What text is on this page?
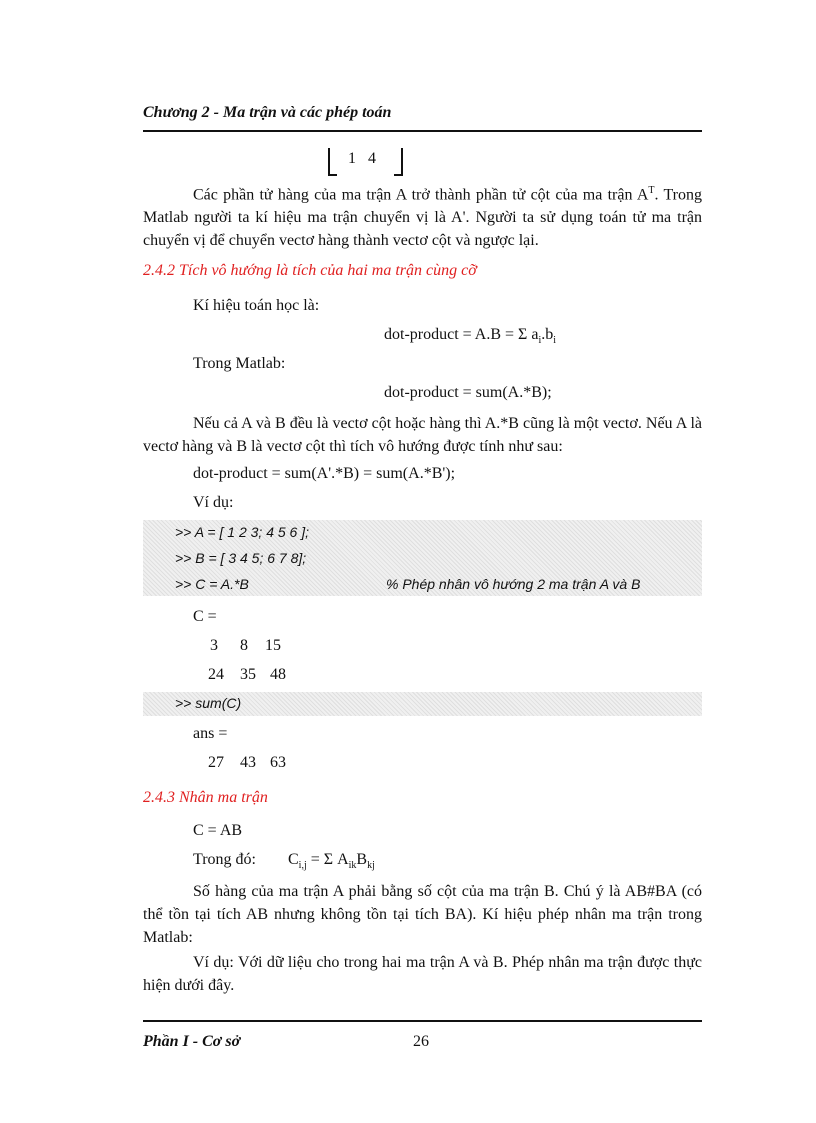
Chương 2 - Ma trận và các phép toán
1 4
Các phần tử hàng của ma trận A trở thành phần tử cột của ma trận $A^T$. Trong Matlab người ta kí hiệu ma trận chuyển vị là A'. Người ta sử dụng toán tử ma trận chuyển vị để chuyển vectơ hàng thành vectơ cột và ngược lại.
2.4.2 Tích vô hướng là tích của hai ma trận cùng cỡ
Kí hiệu toán học là:
dot-product = A.B = Σ $a_i.b_i$
Trong Matlab:
dot-product = sum(A.*B);
Nếu cả A và B đều là vectơ cột hoặc hàng thì A.*B cũng là một vectơ. Nếu A là vectơ hàng và B là vectơ cột thì tích vô hướng được tính như sau:
dot-product = sum(A'.*B) = sum(A.*B');
Ví dụ:
>> A = [ 1 2 3; 4 5 6 ];
>> B = [ 3 4 5; 6 7 8];
>> C = A.*B	% Phép nhân vô hướng 2 ma trận A và B
C =
3 8 15
24 35 48
>> sum(C)
ans =
27 43 63
2.4.3 Nhân ma trận
C = AB
Trong đó: $C_{i,j} = \Sigma$ $A_{ik}B_{kj}$
Số hàng của ma trận A phải bằng số cột của ma trận B. Chú ý là AB#BA (có thể tồn tại tích AB nhưng không tồn tại tích BA). Kí hiệu phép nhân ma trận trong Matlab:
Ví dụ: Với dữ liệu cho trong hai ma trận A và B. Phép nhân ma trận được thực hiện dưới đây.
Phần I - Cơ sở	26
